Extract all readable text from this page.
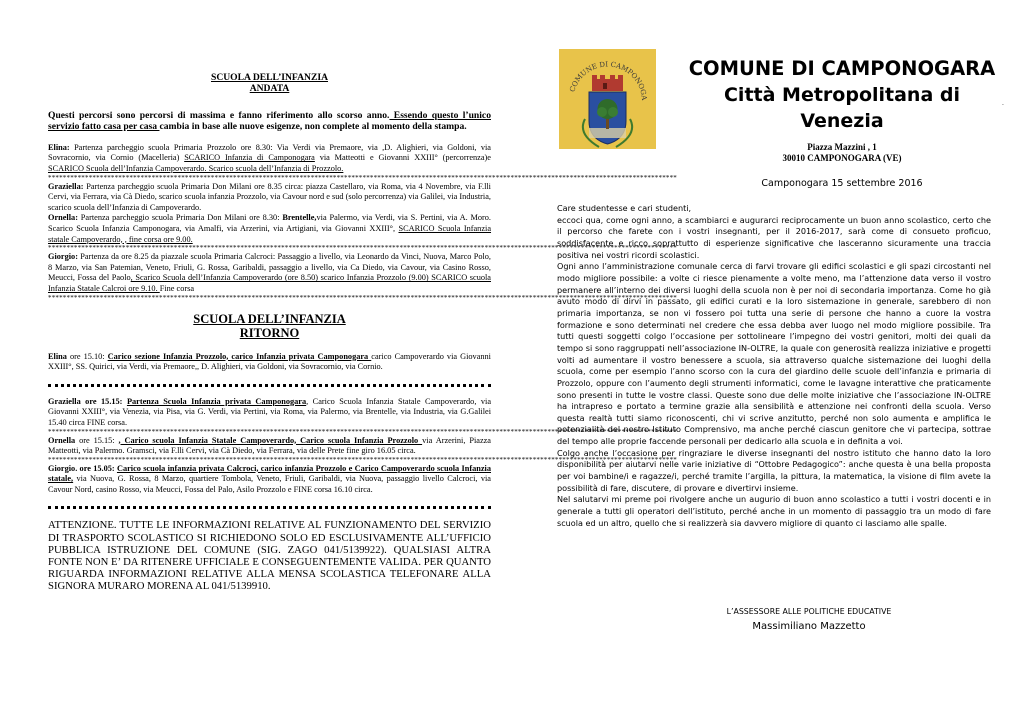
SCUOLA DELL’INFANZIA
ANDATA
Questi percorsi sono percorsi di massima e fanno riferimento allo scorso anno. Essendo questo l’unico servizio fatto casa per casa cambia in base alle nuove esigenze, non complete al momento della stampa.

Elina: Partenza parcheggio scuola Primaria Prozzolo ore 8.30: Via Verdi via Premaore, via ,D. Alighieri, via Goldoni, via Sovracornio, via Cornio (Macelleria) SCARICO Infanzia di Camponogara via Matteotti e Giovanni XXIII° (percorrenza)e SCARICO Scuola dell’Infanzia Campoverardo. Scarico scuola dell’Infanzia di Prozzolo.

**************************************************************************************************************************************************************************

Graziella: Partenza parcheggio scuola Primaria Don Milani ore 8.35 circa: piazza Castellaro, via Roma, via 4 Novembre, via F.lli Cervi, via Ferrara, via Cà Diedo, scarico scuola infanzia Prozzolo, via Cavour nord e sud (solo percorrenza) via Galilei, via Industria, scarico scuola dell’Infanzia di Campoverardo.

Ornella: Partenza parcheggio scuola Primaria Don Milani ore 8.30: Brentelle,via Palermo, via Verdi, via S. Pertini, via A. Moro. Scarico Scuola Infanzia Camponogara, via Amalfi, via Arzerini, via Artigiani, via Giovanni XXIII°, SCARICO Scuola Infanzia statale Campoverardo, , fine corsa ore 9.00.

**************************************************************************************************************************************************************************

Giorgio: Partenza da ore 8.25 da piazzale scuola Primaria Calcroci: Passaggio a livello, via Leonardo da Vinci, Nuova, Marco Polo, 8 Marzo, via San Patemian, Veneto, Friuli, G. Rossa, Garibaldi, passaggio a livello, via Ca Diedo, via Cavour, via Casino Rosso, Meucci, Fossa del Paolo, Scarico Scuola dell’Infanzia Campoverardo (ore 8.50) scarico Infanzia Prozzolo (9.00) SCARICO scuola Infanzia Statale Calcroi ore 9.10. Fine corsa

**************************************************************************************************************************************************************************
SCUOLA DELL’INFANZIA
RITORNO

Elina ore 15.10: Carico sezione Infanzia Prozzolo, carico Infanzia privata Camponogara carico Campoverardo via Giovanni XXIII°, SS. Quirici, via Verdi, via Premaore,, D. Alighieri, via Goldoni, via Sovracornio, via Cornio.

Graziella ore 15.15: Partenza Scuola Infanzia privata Camponogara, Carico Scuola Infanzia Statale Campoverardo, via Giovanni XXIII°, via Venezia, via Pisa, via G. Verdi, via Pertini, via Roma, via Palermo, via Brentelle, via Industria, via G.Galilei 15.40 circa FINE corsa.

**************************************************************************************************************************************************************************

Ornella ore 15.15: , Carico scuola Infanzia Statale Campoverardo, Carico scuola Infanzia Prozzolo via Arzerini, Piazza Matteotti, via Palermo. Gramsci, via F.lli Cervi, via Cà Diedo, via Ferrara, via delle Prete fine giro 16.05 circa.

**************************************************************************************************************************************************************************

Giorgio. ore 15.05: Carico scuola infanzia privata Calcroci, carico infanzia Prozzolo e Carico Campoverardo scuola Infanzia statale, via Nuova, G. Rossa, 8 Marzo, quartiere Tombola, Veneto, Friuli, Garibaldi, via Nuova, passaggio livello Calcroci, via Cavour Nord, casino Rosso, via Meucci, Fossa del Palo, Asilo Prozzolo e FINE corsa 16.10 circa.

ATTENZIONE. TUTTE LE INFORMAZIONI RELATIVE AL FUNZIONAMENTO DEL SERVIZIO DI TRASPORTO SCOLASTICO SI RICHIEDONO SOLO ED ESCLUSIVAMENTE ALL’UFFICIO PUBBLICA ISTRUZIONE DEL COMUNE (SIG. ZAGO 041/5139922). QUALSIASI ALTRA FONTE NON E’ DA RITENERE UFFICIALE E CONSEGUENTEMENTE VALIDA. PER QUANTO RIGUARDA INFORMAZIONI RELATIVE ALLA MENSA SCOLASTICA TELEFONARE ALLA SIGNORA MURARO MORENA AL 041/5139910.
COMUNE DI CAMPONOGA
COMUNE DI CAMPONOGARA
Città Metropolitana di
Venezia
.
Piazza Mazzini , 1
30010 CAMPONOGARA (VE)
Camponogara 15 settembre 2016

Care studentesse e cari studenti,

eccoci qua, come ogni anno, a scambiarci e augurarci reciprocamente un buon anno scolastico, certo che il percorso che farete con i vostri insegnanti, per il 2016-2017, sarà come di consueto proficuo, soddisfacente e ricco soprattutto di esperienze significative che lasceranno sicuramente una traccia positiva nei vostri ricordi scolastici.

Ogni anno l’amministrazione comunale cerca di farvi trovare gli edifici scolastici e gli spazi circostanti nel modo migliore possibile: a volte ci riesce pienamente a volte meno, ma l’attenzione data verso il vostro permanere all’interno dei diversi luoghi della scuola non è per noi di secondaria importanza. Come ho già avuto modo di dirvi in passato, gli edifici curati e la loro sistemazione in generale, sarebbero di non primaria importanza, se non vi fossero poi tutta una serie di persone che hanno a cuore la vostra formazione e sono determinati nel credere che essa debba aver luogo nel modo migliore possibile. Tra tutti questi soggetti colgo l’occasione per sottolineare l’impegno dei vostri genitori, molti dei quali da tempo si sono raggruppati nell’associazione IN-OLTRE, la quale con generosità realizza iniziative e progetti volti ad aumentare il vostro benessere a scuola, sia attraverso qualche sistemazione dei luoghi della scuola, come per esempio l’anno scorso con la cura del giardino delle scuole dell’infanzia e primaria di Prozzolo, oppure con l’aumento degli strumenti informatici, come le lavagne interattive che praticamente sono presenti in tutte le vostre classi. Queste sono due delle molte iniziative che l’associazione IN-OLTRE ha intrapreso e portato a termine grazie alla sensibilità e attenzione nei confronti della scuola. Verso questa realtà tutti siamo riconoscenti, chi vi scrive anzitutto, perché non solo aumenta e amplifica le potenzialità del nostro Istituto Comprensivo, ma anche perché ciascun genitore che vi partecipa, sottrae del tempo alle proprie faccende personali per dedicarlo alla scuola e in definita a voi.

Colgo anche l’occasione per ringraziare le diverse insegnanti del nostro istituto che hanno dato la loro disponibilità per aiutarvi nelle varie iniziative di “Ottobre Pedagogico”: anche questa è una bella proposta per voi bambine/i e ragazze/i, perché tramite l’argilla, la pittura, la matematica, la visione di film avete la possibilità di fare, discutere, di provare e divertirvi insieme.

Nel salutarvi mi preme poi rivolgere anche un augurio di buon anno scolastico a tutti i vostri docenti e in generale a tutti gli operatori dell’istituto, perché anche in un momento di passaggio tra un modo di fare scuola ed un altro, quello che si realizzerà sia davvero migliore di quanto ci lasciamo alle spalle.

L’ASSESSORE ALLE POLITICHE EDUCATIVE
Massimiliano Mazzetto
